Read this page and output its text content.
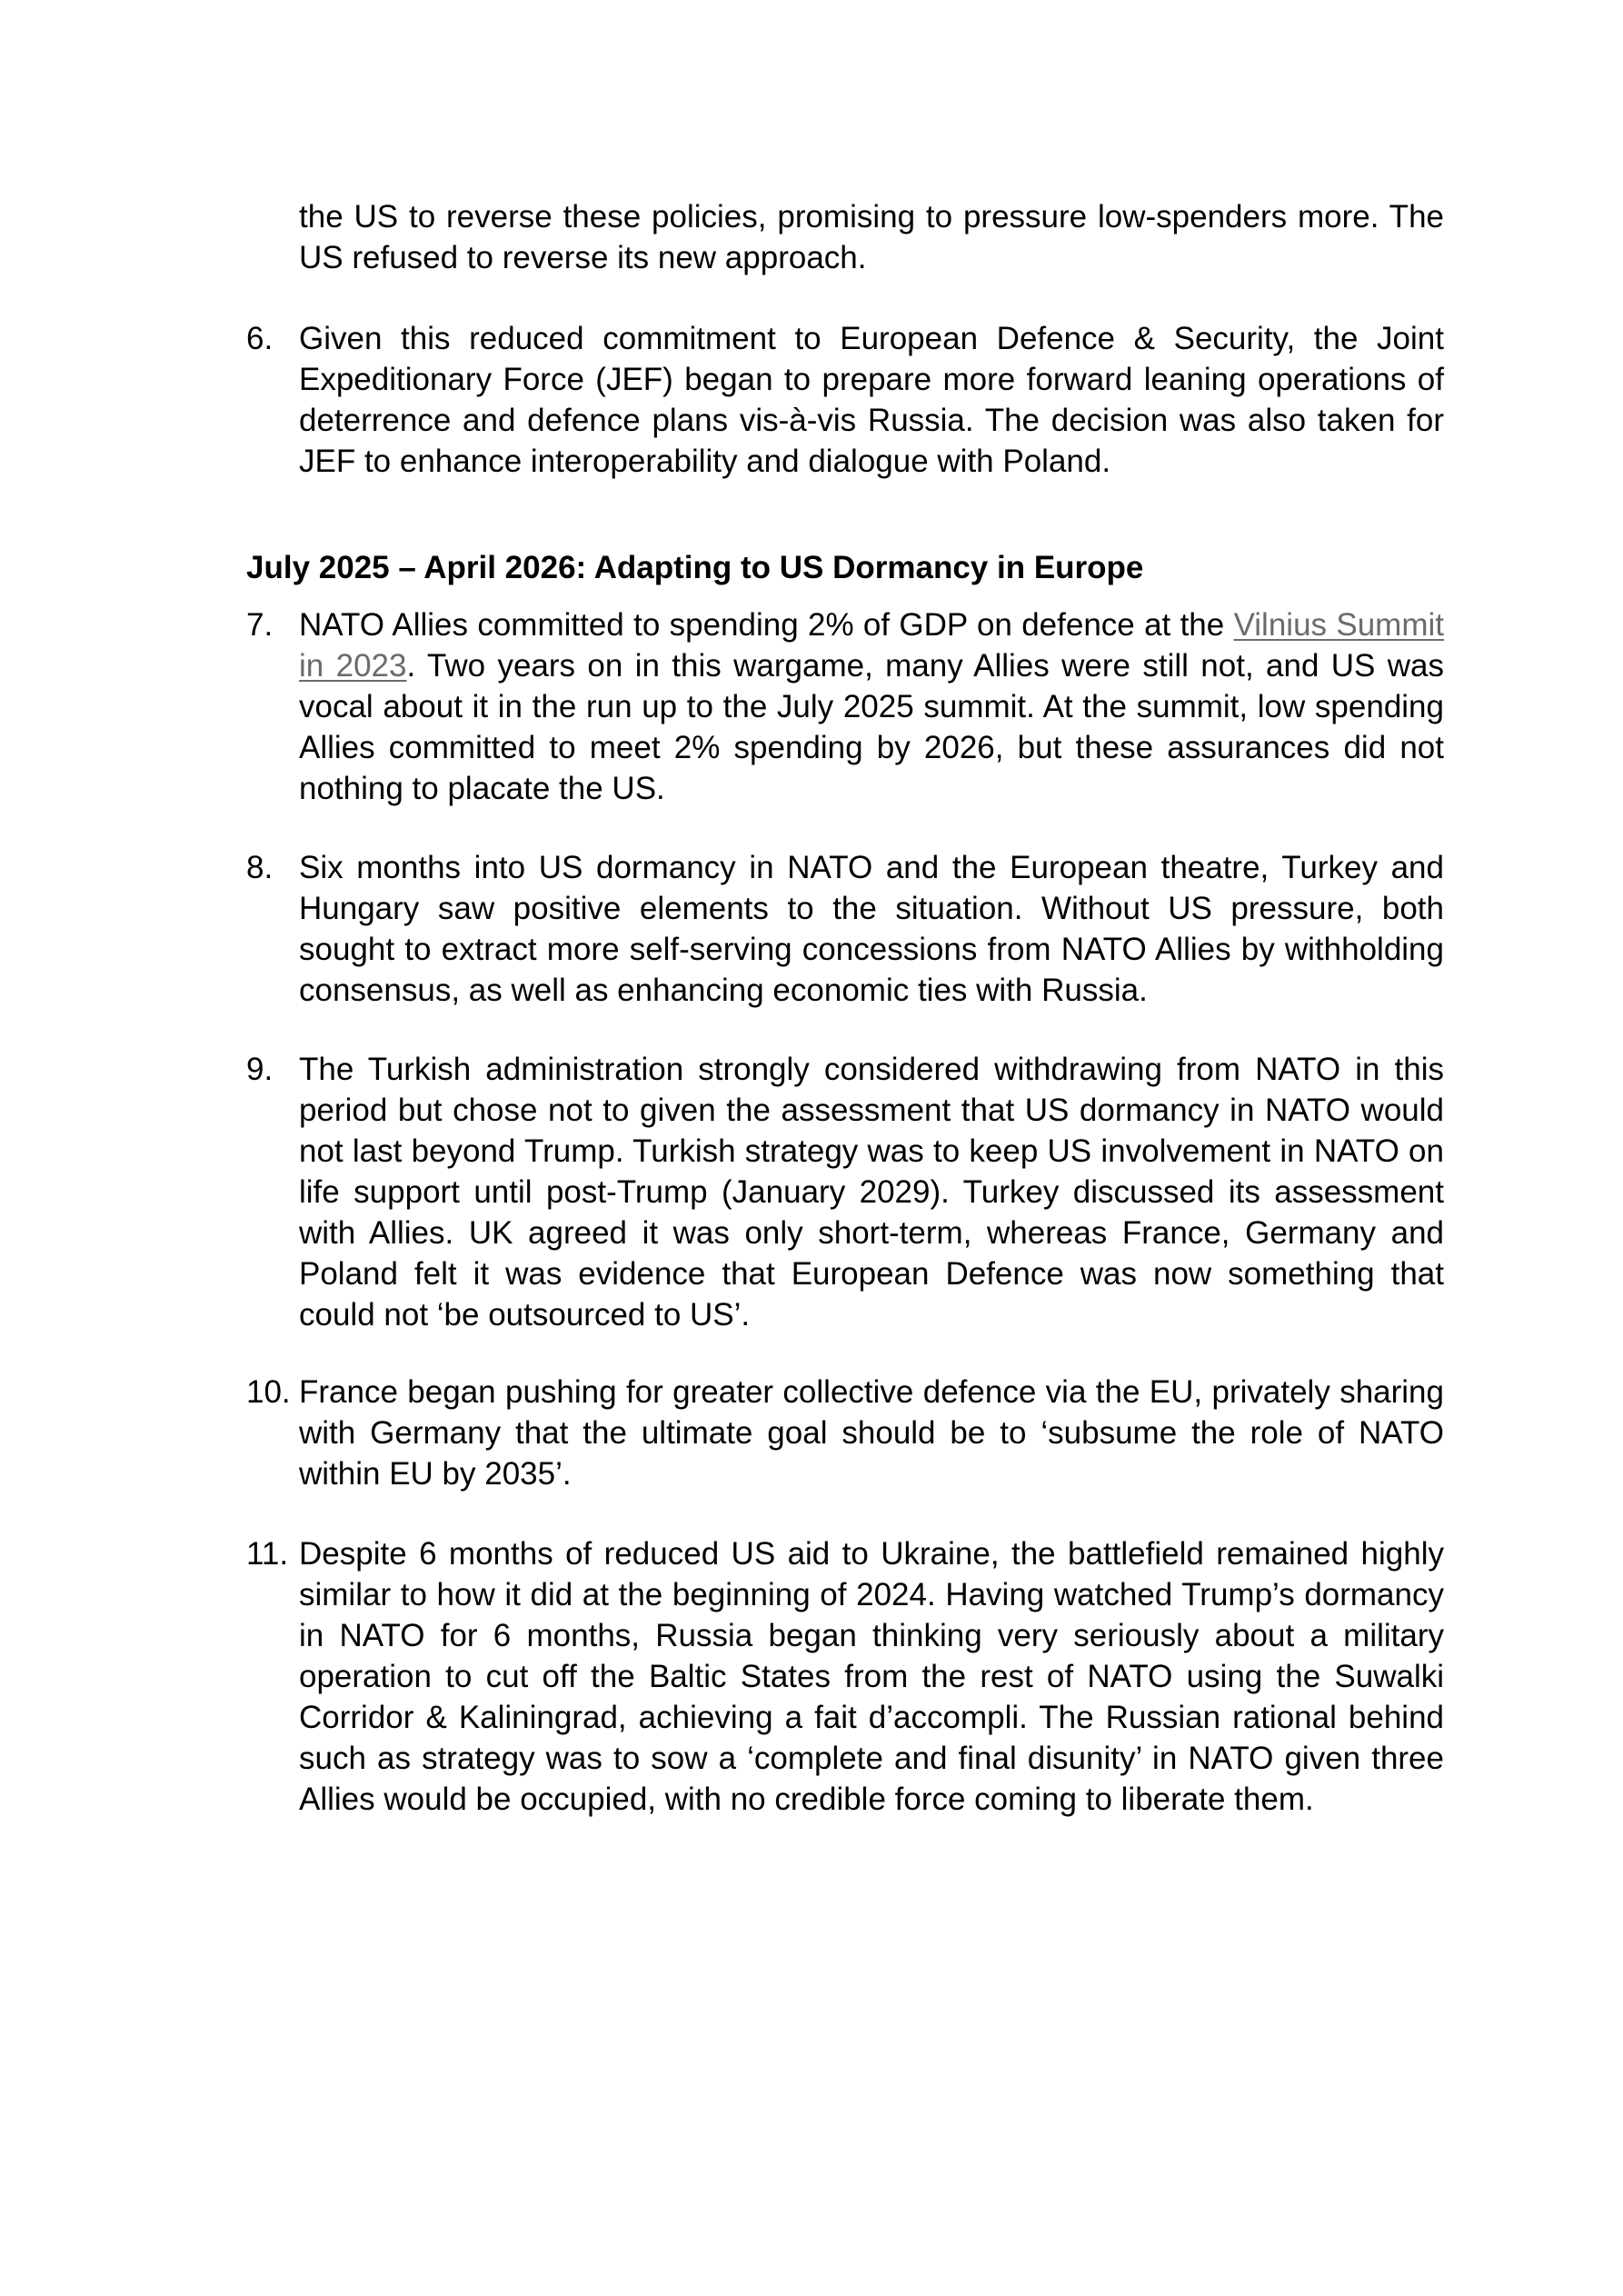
the US to reverse these policies, promising to pressure low-spenders more. The US refused to reverse its new approach.

6. Given this reduced commitment to European Defence & Security, the Joint Expeditionary Force (JEF) began to prepare more forward leaning operations of deterrence and defence plans vis-à-vis Russia. The decision was also taken for JEF to enhance interoperability and dialogue with Poland.
July 2025 – April 2026: Adapting to US Dormancy in Europe
7. NATO Allies committed to spending 2% of GDP on defence at the Vilnius Summit in 2023. Two years on in this wargame, many Allies were still not, and US was vocal about it in the run up to the July 2025 summit. At the summit, low spending Allies committed to meet 2% spending by 2026, but these assurances did not nothing to placate the US.
8. Six months into US dormancy in NATO and the European theatre, Turkey and Hungary saw positive elements to the situation. Without US pressure, both sought to extract more self-serving concessions from NATO Allies by withholding consensus, as well as enhancing economic ties with Russia.
9. The Turkish administration strongly considered withdrawing from NATO in this period but chose not to given the assessment that US dormancy in NATO would not last beyond Trump. Turkish strategy was to keep US involvement in NATO on life support until post-Trump (January 2029). Turkey discussed its assessment with Allies. UK agreed it was only short-term, whereas France, Germany and Poland felt it was evidence that European Defence was now something that could not ‘be outsourced to US’.
10. France began pushing for greater collective defence via the EU, privately sharing with Germany that the ultimate goal should be to ‘subsume the role of NATO within EU by 2035’.
11. Despite 6 months of reduced US aid to Ukraine, the battlefield remained highly similar to how it did at the beginning of 2024. Having watched Trump’s dormancy in NATO for 6 months, Russia began thinking very seriously about a military operation to cut off the Baltic States from the rest of NATO using the Suwalki Corridor & Kaliningrad, achieving a fait d’accompli. The Russian rational behind such as strategy was to sow a ‘complete and final disunity’ in NATO given three Allies would be occupied, with no credible force coming to liberate them.
